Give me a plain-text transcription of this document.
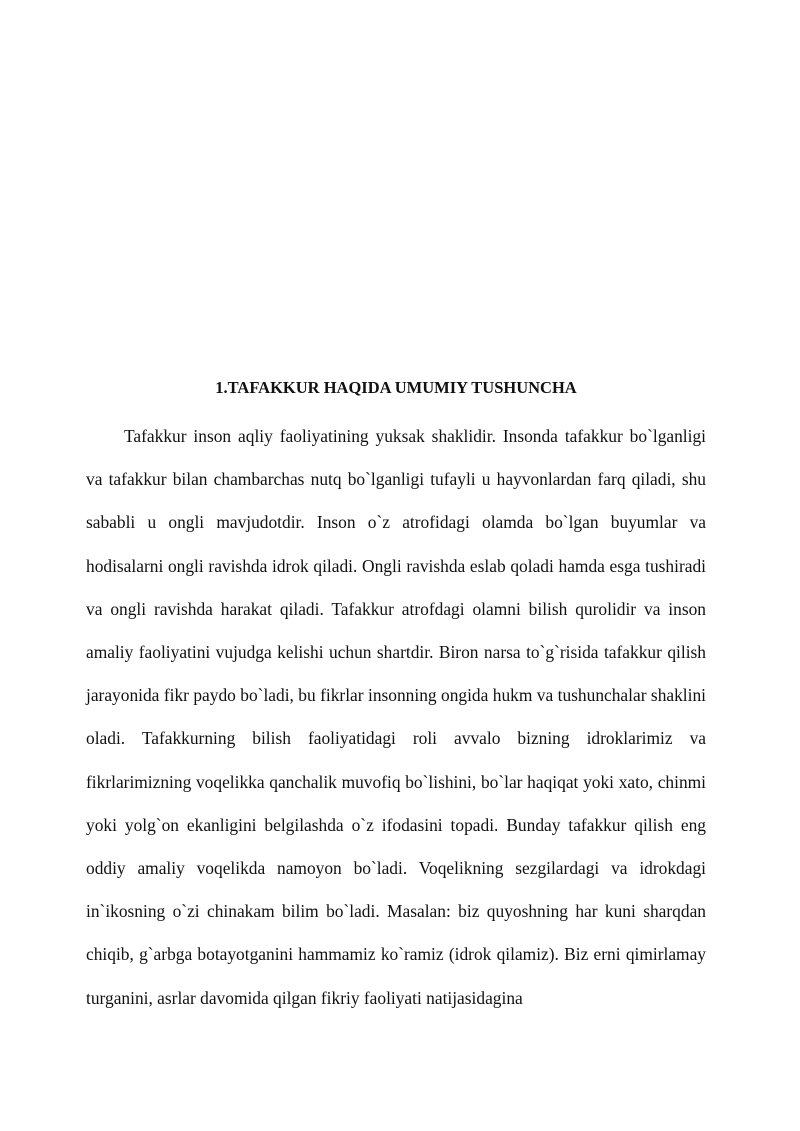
1.TAFAKKUR HAQIDA UMUMIY TUSHUNCHA

Tafakkur inson aqliy faoliyatining yuksak shaklidir. Insonda tafakkur bo`lganligi va tafakkur bilan chambarchas nutq bo`lganligi tufayli u hayvonlardan farq qiladi, shu sababli u ongli mavjudotdir. Inson o`z atrofidagi olamda bo`lgan buyumlar va hodisalarni ongli ravishda idrok qiladi. Ongli ravishda eslab qoladi hamda esga tushiradi va ongli ravishda harakat qiladi. Tafakkur atrofdagi olamni bilish qurolidir va inson amaliy faoliyatini vujudga kelishi uchun shartdir. Biron narsa to`g`risida tafakkur qilish jarayonida fikr paydo bo`ladi, bu fikrlar insonning ongida hukm va tushunchalar shaklini oladi. Tafakkurning bilish faoliyatidagi roli avvalo bizning idroklarimiz va fikrlarimizning voqelikka qanchalik muvofiq bo`lishini, bo`lar haqiqat yoki xato, chinmi yoki yolg`on ekanligini belgilashda o`z ifodasini topadi. Bunday tafakkur qilish eng oddiy amaliy voqelikda namoyon bo`ladi. Voqelikning sezgilardagi va idrokdagi in`ikosning o`zi chinakam bilim bo`ladi. Masalan: biz quyoshning har kuni sharqdan chiqib, g`arbga botayotganini hammamiz ko`ramiz (idrok qilamiz). Biz erni qimirlamay turganini, asrlar davomida qilgan fikriy faoliyati natijasidagina
